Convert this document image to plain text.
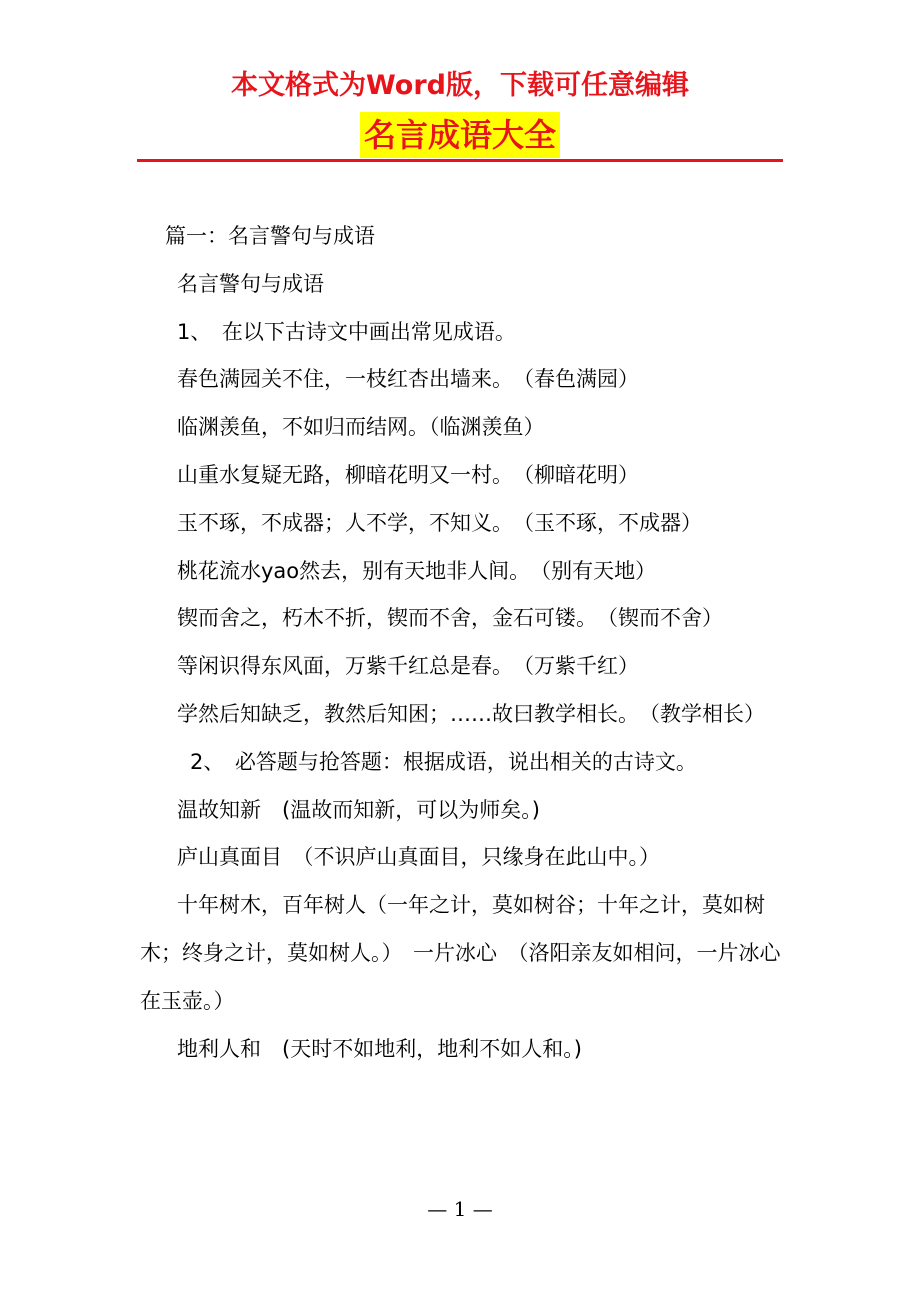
本文格式为Word版，下载可任意编辑
名言成语大全

篇一：名言警句与成语

名言警句与成语

1、　在以下古诗文中画出常见成语。

春色满园关不住，一枝红杏出墙来。　（春色满园）

临渊羡鱼，不如归而结网。（临渊羡鱼）

山重水复疑无路，柳暗花明又一村。　（柳暗花明）

玉不琢，不成器；人不学，不知义。　（玉不琢，不成器）

桃花流水yao然去，别有天地非人间。　（别有天地）

锲而舍之，朽木不折，锲而不舍，金石可镂。　（锲而不舍）

等闲识得东风面，万紫千红总是春。　（万紫千红）

学然后知缺乏，教然后知困；……故曰教学相长。　（教学相长）

2、　必答题与抢答题：根据成语，说出相关的古诗文。

温故知新　(温故而知新，可以为师矣。)

庐山真面目　（不识庐山真面目，只缘身在此山中。）

十年树木，百年树人（一年之计，莫如树谷；十年之计，莫如树木；终身之计，莫如树人。）　一片冰心　（洛阳亲友如相问，一片冰心在玉壶。）

地利人和　(天时不如地利，地利不如人和。)

— 1 —
